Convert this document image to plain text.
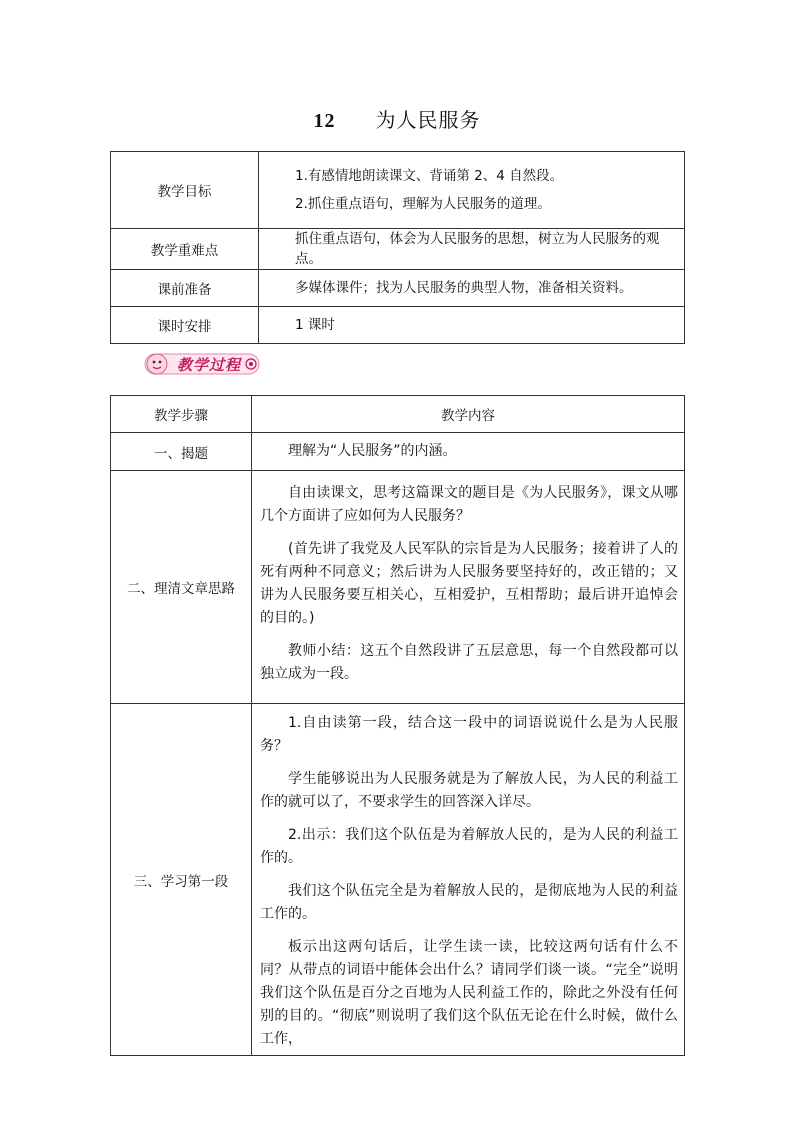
12 为人民服务
教学目标	1.有感情地朗读课文、背诵第 2、4 自然段。

2.抓住重点语句，理解为人民服务的道理。

教学重难点	抓住重点语句，体会为人民服务的思想，树立为人民服务的观点。
课前准备	多媒体课件；找为人民服务的典型人物，准备相关资料。
课时安排	1 课时
教学过程
教学步骤	教学内容
一、揭题	理解为“人民服务”的内涵。

二、理清文章思路	自由读课文，思考这篇课文的题目是《为人民服务》，课文从哪几个方面讲了应如何为人民服务？

(首先讲了我党及人民军队的宗旨是为人民服务；接着讲了人的死有两种不同意义；然后讲为人民服务要坚持好的，改正错的；又讲为人民服务要互相关心，互相爱护，互相帮助；最后讲开追悼会的目的。)

教师小结：这五个自然段讲了五层意思，每一个自然段都可以独立成为一段。

三、学习第一段	1.自由读第一段，结合这一段中的词语说说什么是为人民服务？

学生能够说出为人民服务就是为了解放人民，为人民的利益工作的就可以了，不要求学生的回答深入详尽。

2.出示：我们这个队伍是为着解放人民的，是为人民的利益工作的。

我们这个队伍完全是为着解放人民的，是彻底地为人民的利益工作的。

板示出这两句话后，让学生读一读，比较这两句话有什么不同？从带点的词语中能体会出什么？请同学们谈一谈。“完全”说明我们这个队伍是百分之百地为人民利益工作的，除此之外没有任何别的目的。“彻底”则说明了我们这个队伍无论在什么时候，做什么工作，
